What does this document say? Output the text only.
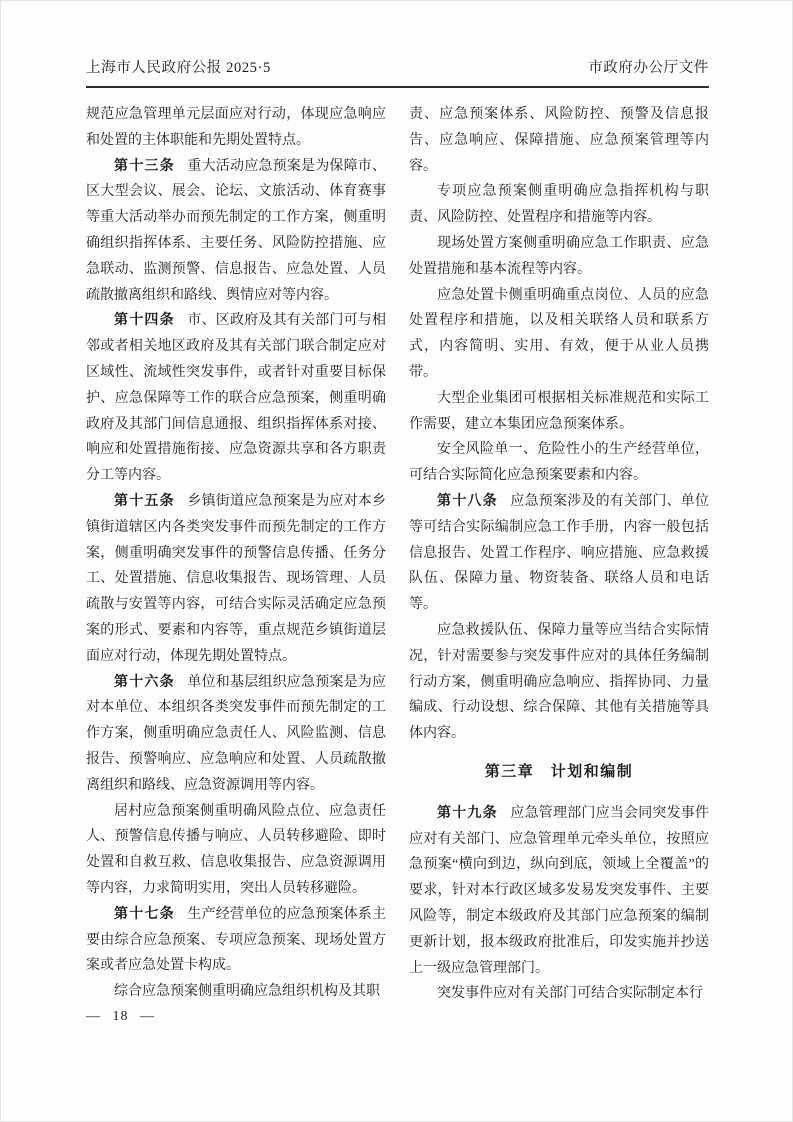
上海市人民政府公报 2025·5	市政府办公厅文件

规范应急管理单元层面应对行动，体现应急响应和处置的主体职能和先期处置特点。

第十三条 重大活动应急预案是为保障市、区大型会议、展会、论坛、文旅活动、体育赛事等重大活动举办而预先制定的工作方案，侧重明确组织指挥体系、主要任务、风险防控措施、应急联动、监测预警、信息报告、应急处置、人员疏散撤离组织和路线、舆情应对等内容。

第十四条 市、区政府及其有关部门可与相邻或者相关地区政府及其有关部门联合制定应对区域性、流域性突发事件，或者针对重要目标保护、应急保障等工作的联合应急预案，侧重明确政府及其部门间信息通报、组织指挥体系对接、响应和处置措施衔接、应急资源共享和各方职责分工等内容。

第十五条 乡镇街道应急预案是为应对本乡镇街道辖区内各类突发事件而预先制定的工作方案，侧重明确突发事件的预警信息传播、任务分工、处置措施、信息收集报告、现场管理、人员疏散与安置等内容，可结合实际灵活确定应急预案的形式、要素和内容等，重点规范乡镇街道层面应对行动，体现先期处置特点。

第十六条 单位和基层组织应急预案是为应对本单位、本组织各类突发事件而预先制定的工作方案，侧重明确应急责任人、风险监测、信息报告、预警响应、应急响应和处置、人员疏散撤离组织和路线、应急资源调用等内容。

居村应急预案侧重明确风险点位、应急责任人、预警信息传播与响应、人员转移避险、即时处置和自救互救、信息收集报告、应急资源调用等内容，力求简明实用，突出人员转移避险。

第十七条 生产经营单位的应急预案体系主要由综合应急预案、专项应急预案、现场处置方案或者应急处置卡构成。

综合应急预案侧重明确应急组织机构及其职

责、应急预案体系、风险防控、预警及信息报告、应急响应、保障措施、应急预案管理等内容。

专项应急预案侧重明确应急指挥机构与职责、风险防控、处置程序和措施等内容。

现场处置方案侧重明确应急工作职责、应急处置措施和基本流程等内容。

应急处置卡侧重明确重点岗位、人员的应急处置程序和措施，以及相关联络人员和联系方式，内容简明、实用、有效，便于从业人员携带。

大型企业集团可根据相关标准规范和实际工作需要，建立本集团应急预案体系。

安全风险单一、危险性小的生产经营单位，可结合实际简化应急预案要素和内容。

第十八条 应急预案涉及的有关部门、单位等可结合实际编制应急工作手册，内容一般包括信息报告、处置工作程序、响应措施、应急救援队伍、保障力量、物资装备、联络人员和电话等。

应急救援队伍、保障力量等应当结合实际情况，针对需要参与突发事件应对的具体任务编制行动方案，侧重明确应急响应、指挥协同、力量编成、行动设想、综合保障、其他有关措施等具体内容。

第三章　计划和编制

第十九条 应急管理部门应当会同突发事件应对有关部门、应急管理单元牵头单位，按照应急预案“横向到边，纵向到底，领域上全覆盖”的要求，针对本行政区域多发易发突发事件、主要风险等，制定本级政府及其部门应急预案的编制更新计划，报本级政府批准后，印发实施并抄送上一级应急管理部门。

突发事件应对有关部门可结合实际制定本行

— 18 —
